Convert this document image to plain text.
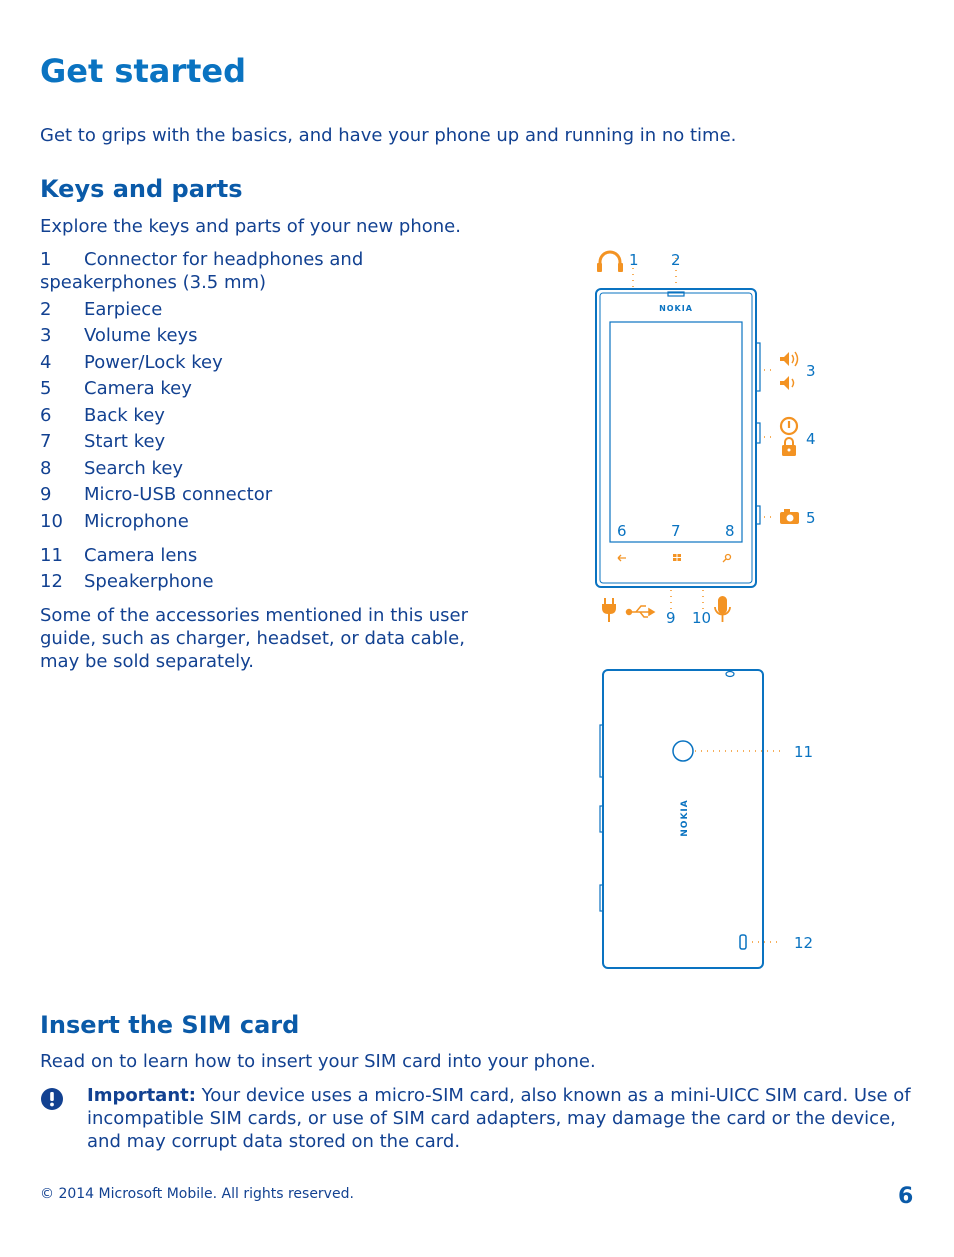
Get started
Get to grips with the basics, and have your phone up and running in no time.
Keys and parts
Explore the keys and parts of your new phone.
1 Connector for headphones and speakerphones (3.5 mm)
2 Earpiece
3 Volume keys
4 Power/Lock key
5 Camera key
6 Back key
7 Start key
8 Search key
9 Micro-USB connector
10 Microphone
11 Camera lens
12 Speakerphone
Some of the accessories mentioned in this user guide, such as charger, headset, or data cable, may be sold separately.
NOKIA
NOKIA
1 2
3
4
5
6	7	8
9 10
11
12
Insert the SIM card
Read on to learn how to insert your SIM card into your phone.
Important: Your device uses a micro-SIM card, also known as a mini-UICC SIM card. Use of incompatible SIM cards, or use of SIM card adapters, may damage the card or the device, and may corrupt data stored on the card.
© 2014 Microsoft Mobile. All rights reserved.	6
